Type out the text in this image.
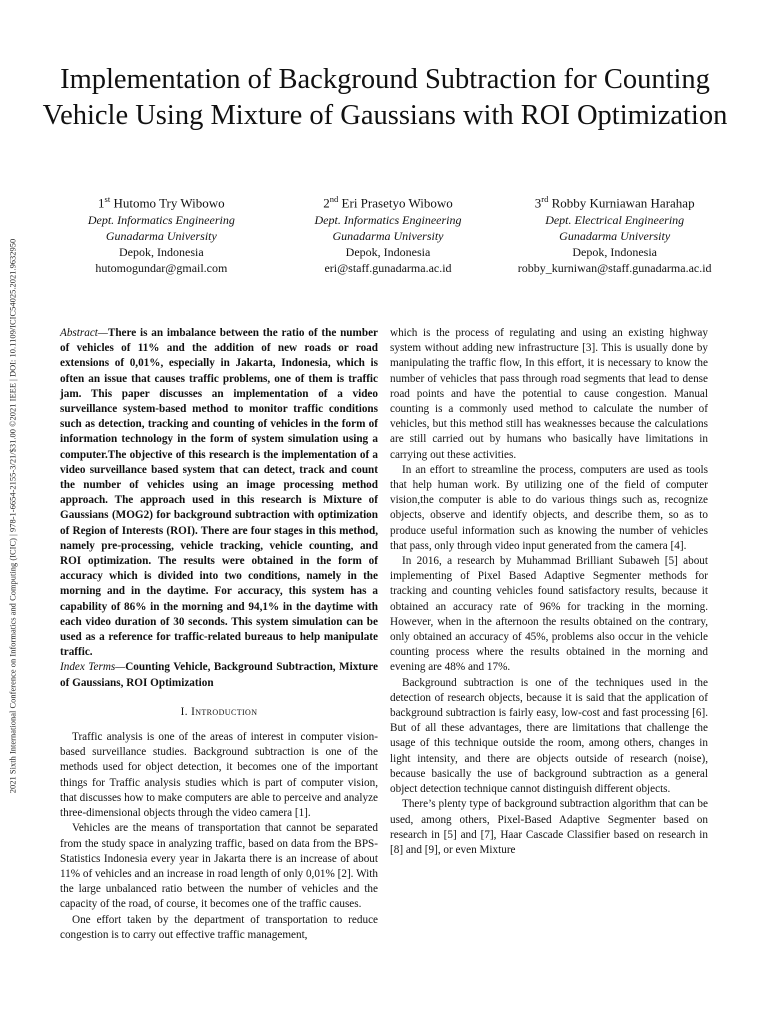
2021 Sixth International Conference on Informatics and Computing (ICIC) | 978-1-6654-2155-3/21/$31.00 ©2021 IEEE | DOI: 10.1109/ICIC54025.2021.9632950
Implementation of Background Subtraction for Counting Vehicle Using Mixture of Gaussians with ROI Optimization
1st Hutomo Try Wibowo
Dept. Informatics Engineering
Gunadarma University
Depok, Indonesia
hutomogundar@gmail.com
2nd Eri Prasetyo Wibowo
Dept. Informatics Engineering
Gunadarma University
Depok, Indonesia
eri@staff.gunadarma.ac.id
3rd Robby Kurniawan Harahap
Dept. Electrical Engineering
Gunadarma University
Depok, Indonesia
robby_kurniwan@staff.gunadarma.ac.id

Abstract—There is an imbalance between the ratio of the number of vehicles of 11% and the addition of new roads or road extensions of 0,01%, especially in Jakarta, Indonesia, which is often an issue that causes traffic problems, one of them is traffic jam. This paper discusses an implementation of a video surveillance system-based method to monitor traffic conditions such as detection, tracking and counting of vehicles in the form of information technology in the form of system simulation using a computer.The objective of this research is the implementation of a video surveillance based system that can detect, track and count the number of vehicles using an image processing method approach. The approach used in this research is Mixture of Gaussians (MOG2) for background subtraction with optimization of Region of Interests (ROI). There are four stages in this method, namely pre-processing, vehicle tracking, vehicle counting, and ROI optimization. The results were obtained in the form of accuracy which is divided into two conditions, namely in the morning and in the daytime. For accuracy, this system has a capability of 86% in the morning and 94,1% in the daytime with each video duration of 30 seconds. This system simulation can be used as a reference for traffic-related bureaus to help manipulate traffic.

Index Terms—Counting Vehicle, Background Subtraction, Mixture of Gaussians, ROI Optimization

I. Introduction

Traffic analysis is one of the areas of interest in computer vision-based surveillance studies. Background subtraction is one of the methods used for object detection, it becomes one of the important things for Traffic analysis studies which is part of computer vision, that discusses how to make computers are able to perceive and analyze three-dimensional objects through the video camera [1].

Vehicles are the means of transportation that cannot be separated from the study space in analyzing traffic, based on data from the BPS-Statistics Indonesia every year in Jakarta there is an increase of about 11% of vehicles and an increase in road length of only 0,01% [2]. With the large unbalanced ratio between the number of vehicles and the capacity of the road, of course, it becomes one of the traffic causes.

One effort taken by the department of transportation to reduce congestion is to carry out effective traffic management,

which is the process of regulating and using an existing highway system without adding new infrastructure [3]. This is usually done by manipulating the traffic flow, In this effort, it is necessary to know the number of vehicles that pass through road segments that lead to dense road points and have the potential to cause congestion. Manual counting is a commonly used method to calculate the number of vehicles, but this method still has weaknesses because the calculations are still carried out by humans who basically have limitations in carrying out these activities.

In an effort to streamline the process, computers are used as tools that help human work. By utilizing one of the field of computer vision,the computer is able to do various things such as, recognize objects, observe and identify objects, and describe them, so as to produce useful information such as knowing the number of vehicles that pass, only through video input generated from the camera [4].

In 2016, a research by Muhammad Brilliant Subaweh [5] about implementing of Pixel Based Adaptive Segmenter methods for tracking and counting vehicles found satisfactory results, because it obtained an accuracy rate of 96% for tracking in the morning. However, when in the afternoon the results obtained on the contrary, only obtained an accuracy of 45%, problems also occur in the vehicle counting process where the results obtained in the morning and evening are 48% and 17%.

Background subtraction is one of the techniques used in the detection of research objects, because it is said that the application of background subtraction is fairly easy, low-cost and fast processing [6]. But of all these advantages, there are limitations that challenge the usage of this technique outside the room, among others, changes in light intensity, and there are objects outside of research (noise), because basically the use of background subtraction as a general object detection technique cannot distinguish different objects.

There’s plenty type of background subtraction algorithm that can be used, among others, Pixel-Based Adaptive Segmenter based on research in [5] and [7], Haar Cascade Classifier based on research in [8] and [9], or even Mixture
